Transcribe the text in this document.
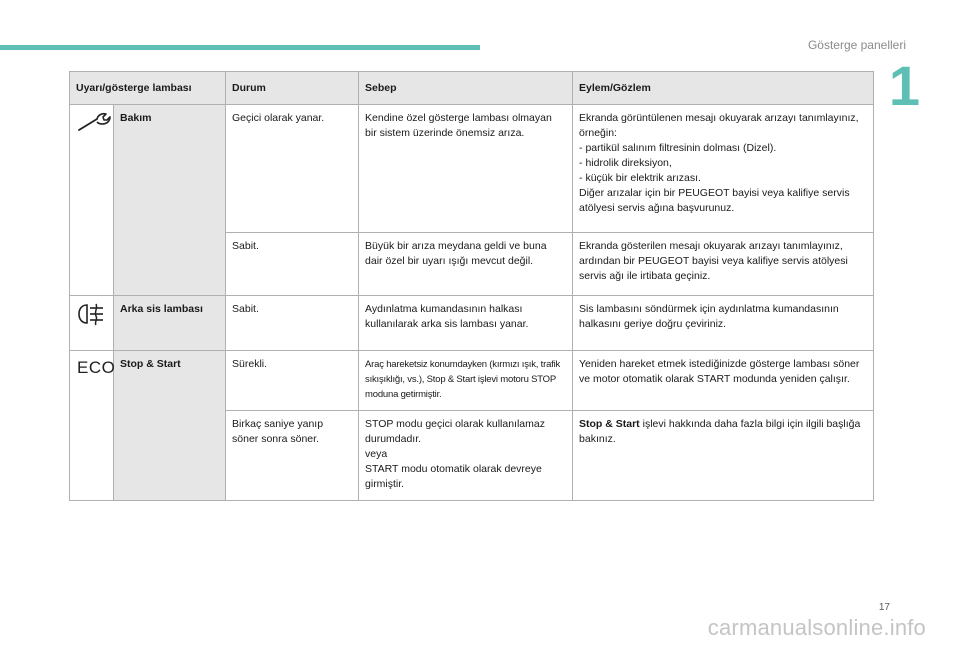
Gösterge panelleri
1
Uyarı/gösterge lambası		Durum	Sebep	Eylem/Gözlem
	Bakım	Geçici olarak yanar.	Kendine özel gösterge lambası olmayan bir sistem üzerinde önemsiz arıza.	Ekranda görüntülenen mesajı okuyarak arızayı tanımlayınız, örneğin:
- partikül salınım filtresinin dolması (Dizel).
- hidrolik direksiyon,
- küçük bir elektrik arızası.
Diğer arızalar için bir PEUGEOT bayisi veya kalifiye servis atölyesi servis ağına başvurunuz.

		Sabit.	Büyük bir arıza meydana geldi ve buna dair özel bir uyarı ışığı mevcut değil.	Ekranda gösterilen mesajı okuyarak arızayı tanımlayınız, ardından bir PEUGEOT bayisi veya kalifiye servis atölyesi servis ağı ile irtibata geçiniz.
	Arka sis lambası	Sabit.	Aydınlatma kumandasının halkası kullanılarak arka sis lambası yanar.	Sis lambasını söndürmek için aydınlatma kumandasının halkasını geriye doğru çeviriniz.

ECO	Stop & Start	Sürekli.	Araç hareketsiz konumdayken (kırmızı ışık, trafik sıkışıklığı, vs.), Stop & Start işlevi motoru STOP moduna getirmiştir.	Yeniden hareket etmek istediğinizde gösterge lambası söner ve motor otomatik olarak START modunda yeniden çalışır.
		Birkaç saniye yanıp söner sonra söner.	STOP modu geçici olarak kullanılamaz durumdadır.
veya
START modu otomatik olarak devreye girmiştir.	Stop & Start işlevi hakkında daha fazla bilgi için ilgili başlığa bakınız.
17
carmanualsonline.info
